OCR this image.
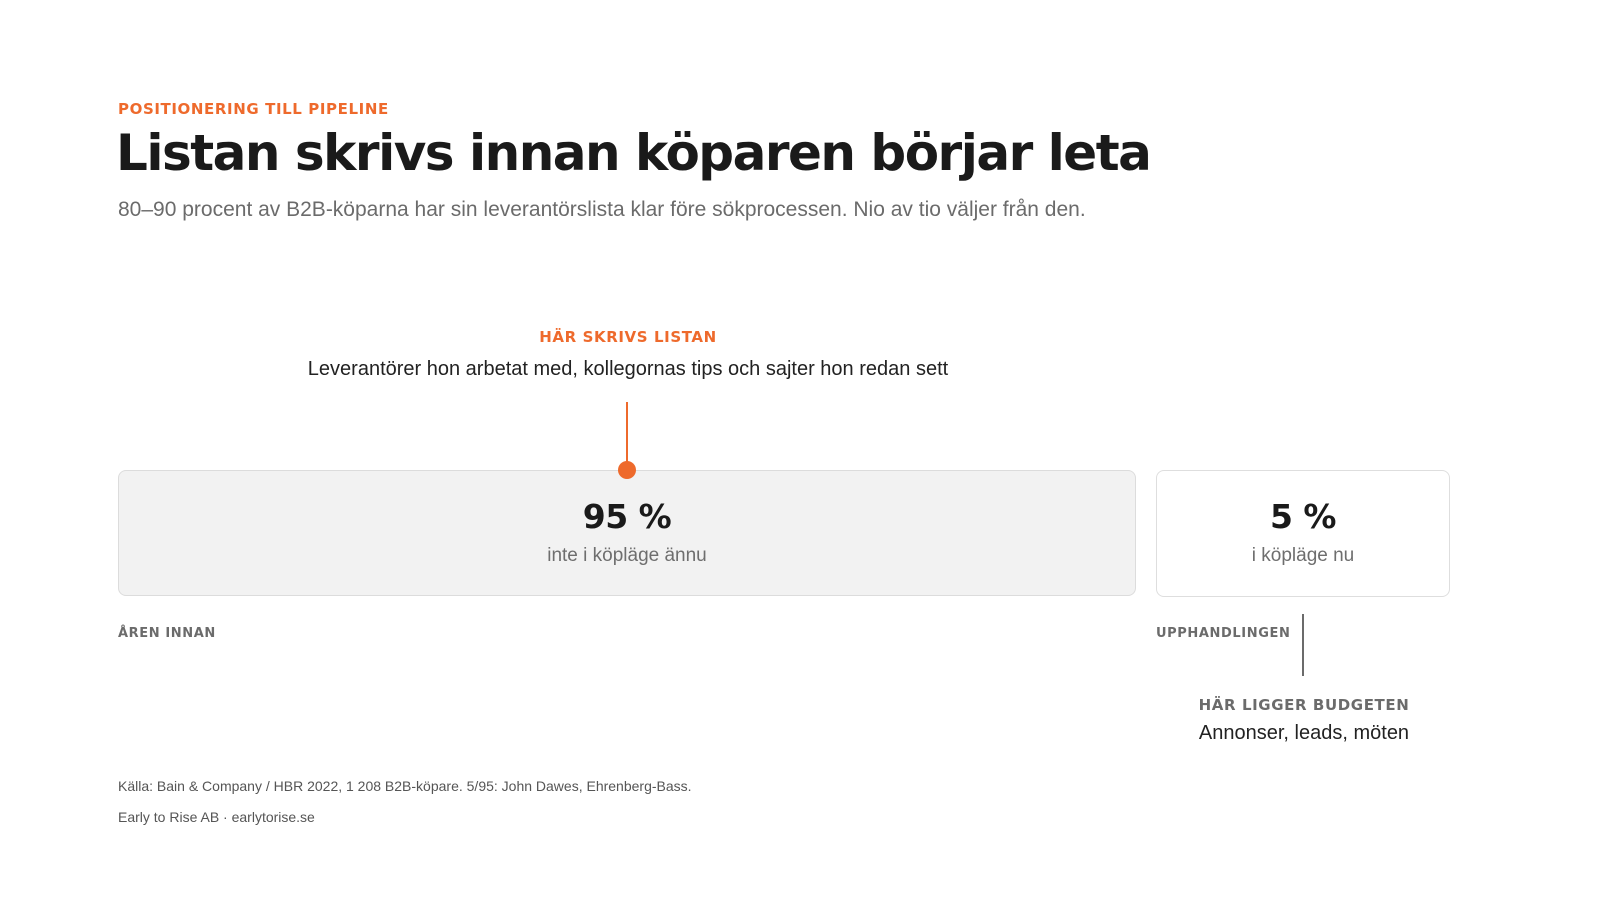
POSITIONERING TILL PIPELINE
Listan skrivs innan köparen börjar leta
80–90 procent av B2B-köparna har sin leverantörslista klar före sökprocessen. Nio av tio väljer från den.
HÄR SKRIVS LISTAN
Leverantörer hon arbetat med, kollegornas tips och sajter hon redan sett
95 %
inte i köpläge ännu
5 %
i köpläge nu
ÅREN INNAN	UPPHANDLINGEN
HÄR LIGGER BUDGETEN
Annonser, leads, möten
Källa: Bain & Company / HBR 2022, 1 208 B2B-köpare. 5/95: John Dawes, Ehrenberg-Bass.
Early to Rise AB · earlytorise.se
